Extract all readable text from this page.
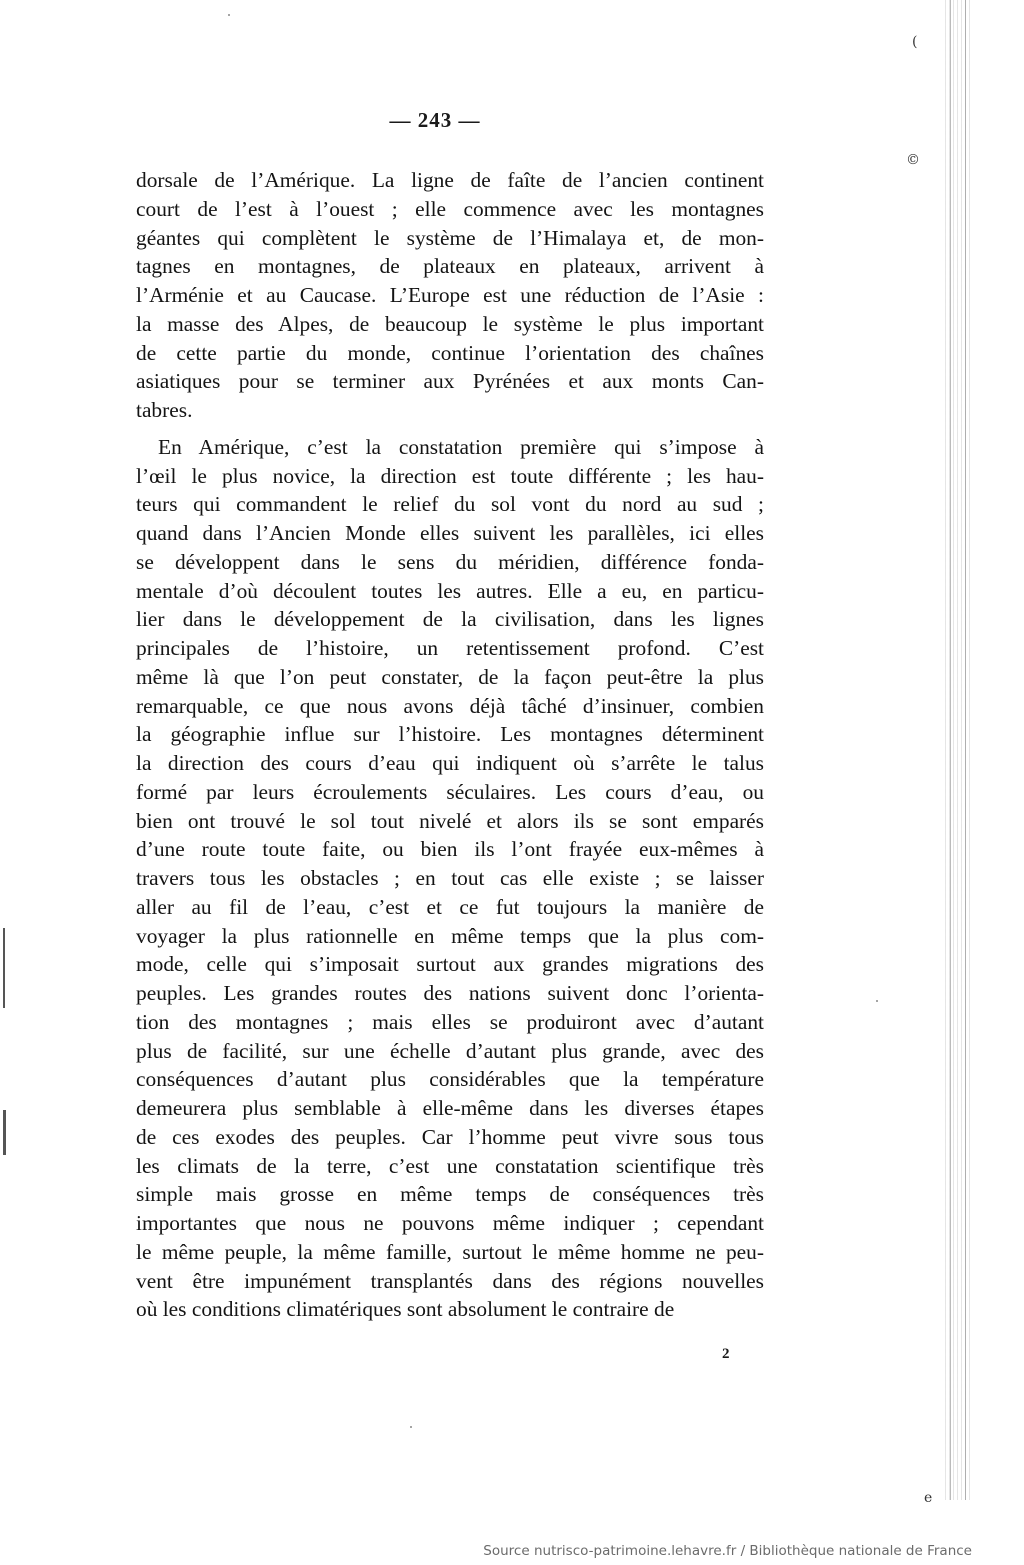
(
©
e
— 243 —
dorsale de l’Amérique. La ligne de faîte de l’ancien continent
court de l’est à l’ouest ; elle commence avec les montagnes
géantes qui complètent le système de l’Himalaya et, de mon-
tagnes en montagnes, de plateaux en plateaux, arrivent à
l’Arménie et au Caucase. L’Europe est une réduction de l’Asie :
la masse des Alpes, de beaucoup le système le plus important
de cette partie du monde, continue l’orientation des chaînes
asiatiques pour se terminer aux Pyrénées et aux monts Can-
tabres.
En Amérique, c’est la constatation première qui s’impose à
l’œil le plus novice, la direction est toute différente ; les hau-
teurs qui commandent le relief du sol vont du nord au sud ;
quand dans l’Ancien Monde elles suivent les parallèles, ici elles
se développent dans le sens du méridien, différence fonda-
mentale d’où découlent toutes les autres. Elle a eu, en particu-
lier dans le développement de la civilisation, dans les lignes
principales de l’histoire, un retentissement profond. C’est
même là que l’on peut constater, de la façon peut-être la plus
remarquable, ce que nous avons déjà tâché d’insinuer, combien
la géographie influe sur l’histoire. Les montagnes déterminent
la direction des cours d’eau qui indiquent où s’arrête le talus
formé par leurs écroulements séculaires. Les cours d’eau, ou
bien ont trouvé le sol tout nivelé et alors ils se sont emparés
d’une route toute faite, ou bien ils l’ont frayée eux-mêmes à
travers tous les obstacles ; en tout cas elle existe ; se laisser
aller au fil de l’eau, c’est et ce fut toujours la manière de
voyager la plus rationnelle en même temps que la plus com-
mode, celle qui s’imposait surtout aux grandes migrations des
peuples. Les grandes routes des nations suivent donc l’orienta-
tion des montagnes ; mais elles se produiront avec d’autant
plus de facilité, sur une échelle d’autant plus grande, avec des
conséquences d’autant plus considérables que la température
demeurera plus semblable à elle-même dans les diverses étapes
de ces exodes des peuples. Car l’homme peut vivre sous tous
les climats de la terre, c’est une constatation scientifique très
simple mais grosse en même temps de conséquences très
importantes que nous ne pouvons même indiquer ; cependant
le même peuple, la même famille, surtout le même homme ne peu-
vent être impunément transplantés dans des régions nouvelles
où les conditions climatériques sont absolument le contraire de
2
Source nutrisco-patrimoine.lehavre.fr / Bibliothèque nationale de France
